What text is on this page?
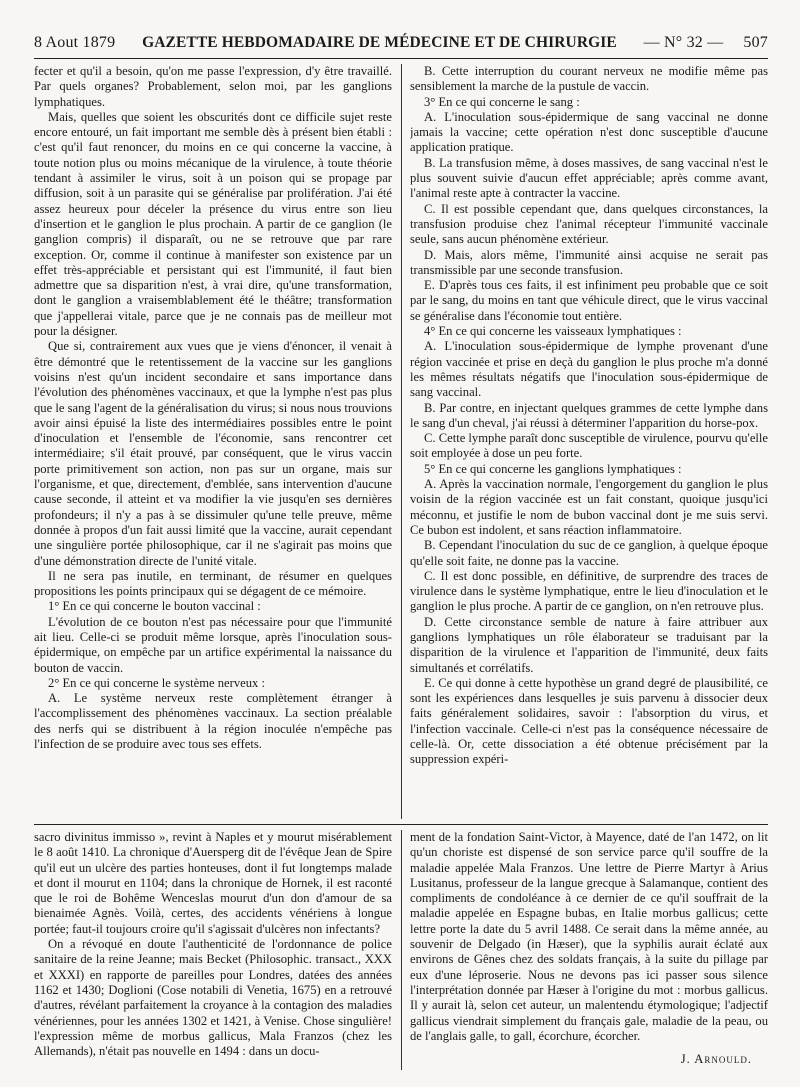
8 Aout 1879 GAZETTE HEBDOMADAIRE DE MÉDECINE ET DE CHIRURGIE — N° 32 — 507

fecter et qu'il a besoin, qu'on me passe l'expression, d'y être travaillé. Par quels organes? Probablement, selon moi, par les ganglions lymphatiques.

Mais, quelles que soient les obscurités dont ce difficile sujet reste encore entouré, un fait important me semble dès à présent bien établi : c'est qu'il faut renoncer, du moins en ce qui concerne la vaccine, à toute notion plus ou moins mécanique de la virulence, à toute théorie tendant à assimiler le virus, soit à un poison qui se propage par diffusion, soit à un parasite qui se généralise par prolifération. J'ai été assez heureux pour déceler la présence du virus entre son lieu d'insertion et le ganglion le plus prochain. A partir de ce ganglion (le ganglion compris) il disparaît, ou ne se retrouve que par rare exception. Or, comme il continue à manifester son existence par un effet très-appréciable et persistant qui est l'immunité, il faut bien admettre que sa disparition n'est, à vrai dire, qu'une transformation, dont le ganglion a vraisemblablement été le théâtre; transformation que j'appellerai vitale, parce que je ne connais pas de meilleur mot pour la désigner.

Que si, contrairement aux vues que je viens d'énoncer, il venait à être démontré que le retentissement de la vaccine sur les ganglions voisins n'est qu'un incident secondaire et sans importance dans l'évolution des phénomènes vaccinaux, et que la lymphe n'est pas plus que le sang l'agent de la généralisation du virus; si nous nous trouvions avoir ainsi épuisé la liste des intermédiaires possibles entre le point d'inoculation et l'ensemble de l'économie, sans rencontrer cet intermédiaire; s'il était prouvé, par conséquent, que le virus vaccin porte primitivement son action, non pas sur un organe, mais sur l'organisme, et que, directement, d'emblée, sans intervention d'aucune cause seconde, il atteint et va modifier la vie jusqu'en ses dernières profondeurs; il n'y a pas à se dissimuler qu'une telle preuve, même donnée à propos d'un fait aussi limité que la vaccine, aurait cependant une singulière portée philosophique, car il ne s'agirait pas moins que d'une démonstration directe de l'unité vitale.

Il ne sera pas inutile, en terminant, de résumer en quelques propositions les points principaux qui se dégagent de ce mémoire.

1° En ce qui concerne le bouton vaccinal :

L'évolution de ce bouton n'est pas nécessaire pour que l'immunité ait lieu. Celle-ci se produit même lorsque, après l'inoculation sous-épidermique, on empêche par un artifice expérimental la naissance du bouton de vaccin.

2° En ce qui concerne le système nerveux :

A. Le système nerveux reste complètement étranger à l'accomplissement des phénomènes vaccinaux. La section préalable des nerfs qui se distribuent à la région inoculée n'empêche pas l'infection de se produire avec tous ses effets.

B. Cette interruption du courant nerveux ne modifie même pas sensiblement la marche de la pustule de vaccin.

3° En ce qui concerne le sang :

A. L'inoculation sous-épidermique de sang vaccinal ne donne jamais la vaccine; cette opération n'est donc susceptible d'aucune application pratique.

B. La transfusion même, à doses massives, de sang vaccinal n'est le plus souvent suivie d'aucun effet appréciable; après comme avant, l'animal reste apte à contracter la vaccine.

C. Il est possible cependant que, dans quelques circonstances, la transfusion produise chez l'animal récepteur l'immunité vaccinale seule, sans aucun phénomène extérieur.

D. Mais, alors même, l'immunité ainsi acquise ne serait pas transmissible par une seconde transfusion.

E. D'après tous ces faits, il est infiniment peu probable que ce soit par le sang, du moins en tant que véhicule direct, que le virus vaccinal se généralise dans l'économie tout entière.

4° En ce qui concerne les vaisseaux lymphatiques :

A. L'inoculation sous-épidermique de lymphe provenant d'une région vaccinée et prise en deçà du ganglion le plus proche m'a donné les mêmes résultats négatifs que l'inoculation sous-épidermique de sang vaccinal.

B. Par contre, en injectant quelques grammes de cette lymphe dans le sang d'un cheval, j'ai réussi à déterminer l'apparition du horse-pox.

C. Cette lymphe paraît donc susceptible de virulence, pourvu qu'elle soit employée à dose un peu forte.

5° En ce qui concerne les ganglions lymphatiques :

A. Après la vaccination normale, l'engorgement du ganglion le plus voisin de la région vaccinée est un fait constant, quoique jusqu'ici méconnu, et justifie le nom de bubon vaccinal dont je me suis servi. Ce bubon est indolent, et sans réaction inflammatoire.

B. Cependant l'inoculation du suc de ce ganglion, à quelque époque qu'elle soit faite, ne donne pas la vaccine.

C. Il est donc possible, en définitive, de surprendre des traces de virulence dans le système lymphatique, entre le lieu d'inoculation et le ganglion le plus proche. A partir de ce ganglion, on n'en retrouve plus.

D. Cette circonstance semble de nature à faire attribuer aux ganglions lymphatiques un rôle élaborateur se traduisant par la disparition de la virulence et l'apparition de l'immunité, deux faits simultanés et corrélatifs.

E. Ce qui donne à cette hypothèse un grand degré de plausibilité, ce sont les expériences dans lesquelles je suis parvenu à dissocier deux faits généralement solidaires, savoir : l'absorption du virus, et l'infection vaccinale. Celle-ci n'est pas la conséquence nécessaire de celle-là. Or, cette dissociation a été obtenue précisément par la suppression expéri-

sacro divinitus immisso », revint à Naples et y mourut misérablement le 8 août 1410. La chronique d'Auersperg dit de l'évêque Jean de Spire qu'il eut un ulcère des parties honteuses, dont il fut longtemps malade et dont il mourut en 1104; dans la chronique de Hornek, il est raconté que le roi de Bohême Wenceslas mourut d'un don d'amour de sa bienaimée Agnès. Voilà, certes, des accidents vénériens à longue portée; faut-il toujours croire qu'il s'agissait d'ulcères non infectants?

On a révoqué en doute l'authenticité de l'ordonnance de police sanitaire de la reine Jeanne; mais Becket (Philosophic. transact., XXX et XXXI) en rapporte de pareilles pour Londres, datées des années 1162 et 1430; Doglioni (Cose notabili di Venetia, 1675) en a retrouvé d'autres, révélant parfaitement la croyance à la contagion des maladies vénériennes, pour les années 1302 et 1421, à Venise. Chose singulière! l'expression même de morbus gallicus, Mala Franzos (chez les Allemands), n'était pas nouvelle en 1494 : dans un docu-

ment de la fondation Saint-Victor, à Mayence, daté de l'an 1472, on lit qu'un choriste est dispensé de son service parce qu'il souffre de la maladie appelée Mala Franzos. Une lettre de Pierre Martyr à Arius Lusitanus, professeur de la langue grecque à Salamanque, contient des compliments de condoléance à ce dernier de ce qu'il souffrait de la maladie appelée en Espagne bubas, en Italie morbus gallicus; cette lettre porte la date du 5 avril 1488. Ce serait dans la même année, au souvenir de Delgado (in Hæser), que la syphilis aurait éclaté aux environs de Gênes chez des soldats français, à la suite du pillage par eux d'une léproserie. Nous ne devons pas ici passer sous silence l'interprétation donnée par Hæser à l'origine du mot : morbus gallicus. Il y aurait là, selon cet auteur, un malentendu étymologique; l'adjectif gallicus viendrait simplement du français gale, maladie de la peau, ou de l'anglais galle, to gall, écorchure, écorcher.

J. Arnould.
